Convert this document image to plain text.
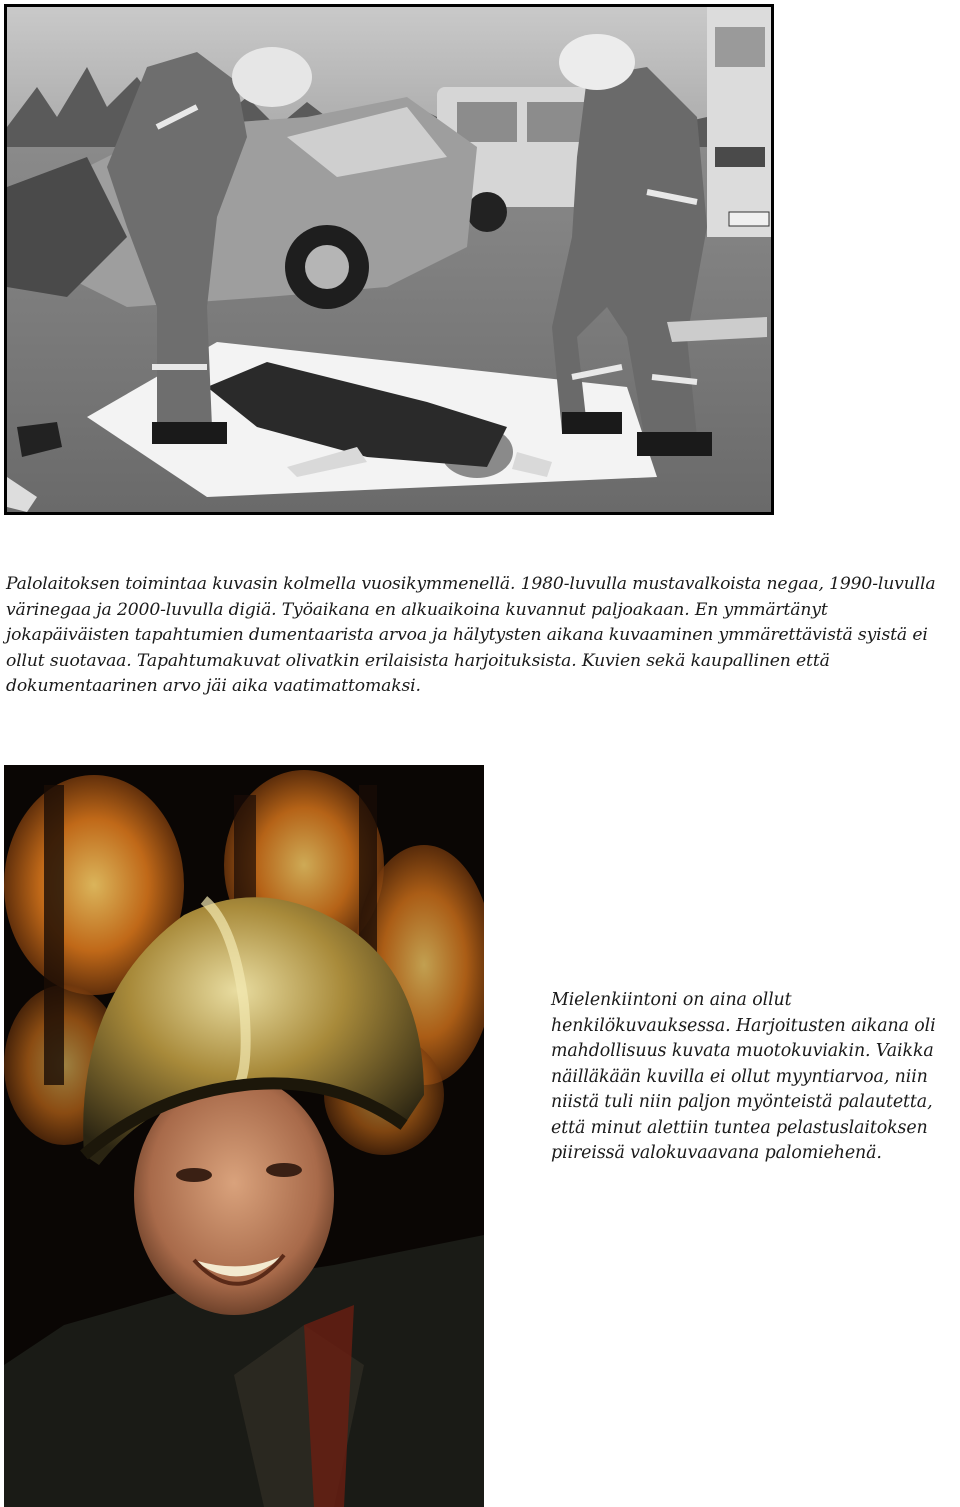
Palolaitoksen toimintaa kuvasin kolmella vuosikymmenellä. 1980-luvulla mustavalkoista negaa, 1990-luvulla värinegaa ja 2000-luvulla digiä. Työaikana en alkuaikoina kuvannut paljoakaan. En ymmärtänyt jokapäiväisten tapahtumien dumentaarista arvoa ja hälytysten aikana kuvaaminen ymmärettävistä syistä ei ollut suotavaa. Tapahtumakuvat olivatkin erilaisista harjoituksista. Kuvien sekä kaupallinen että dokumentaarinen arvo jäi aika vaatimattomaksi.

Mielenkiintoni on aina ollut henkilökuvauksessa. Harjoitusten aikana oli mahdollisuus kuvata muotokuviakin. Vaikka näilläkään kuvilla ei ollut myyntiarvoa, niin niistä tuli niin paljon myönteistä palautetta, että minut alettiin tuntea pelastuslaitoksen piireissä valokuvaavana palomiehenä.
